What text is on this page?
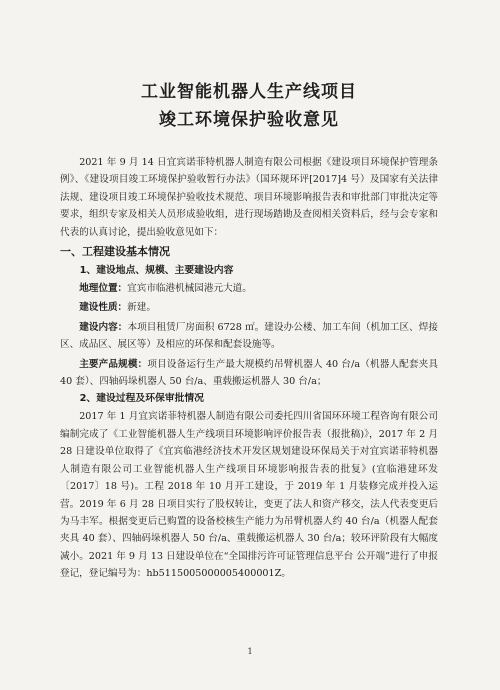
工业智能机器人生产线项目
竣工环境保护验收意见

2021 年 9 月 14 日宜宾诺菲特机器人制造有限公司根据《建设项目环境保护管理条例》、《建设项目竣工环境保护验收暂行办法》（国环规环评[2017]4 号）及国家有关法律法规、建设项目竣工环境保护验收技术规范、项目环境影响报告表和审批部门审批决定等要求，组织专家及相关人员形成验收组，进行现场踏勘及查阅相关资料后，经与会专家和代表的认真讨论，提出验收意见如下：

一、工程建设基本情况
1、建设地点、规模、主要建设内容

地理位置：宜宾市临港机械园港元大道。

建设性质：新建。

建设内容：本项目租赁厂房面积 6728 ㎡。建设办公楼、加工车间（机加工区、焊接区、成品区、展区等）及相应的环保和配套设施等。

主要产品规模：项目设备运行生产最大规模约吊臂机器人 40 台/a（机器人配套夹具 40 套）、四轴码垛机器人 50 台/a、重载搬运机器人 30 台/a；

2、建设过程及环保审批情况

2017 年 1 月宜宾诺菲特机器人制造有限公司委托四川省国环环境工程咨询有限公司编制完成了《工业智能机器人生产线项目环境影响评价报告表（报批稿)》，2017 年 2 月 28 日建设单位取得了《宜宾临港经济技术开发区规划建设环保局关于对宜宾诺菲特机器人制造有限公司工业智能机器人生产线项目环境影响报告表的批复》(宜临港建环发〔2017〕18 号)。工程 2018 年 10 月开工建设，于 2019 年 1 月装修完成并投入运营。2019 年 6 月 28 日项目实行了股权转让，变更了法人和资产移交，法人代表变更后为马丰军。根据变更后已购置的设备校核生产能力为吊臂机器人约 40 台/a（机器人配套夹具 40 套）、四轴码垛机器人 50 台/a、重载搬运机器人 30 台/a；较环评阶段有大幅度减小。2021 年 9 月 13 日建设单位在“全国排污许可证管理信息平台 公开端”进行了申报登记，登记编号为：hb5115005000005400001Z。

1
